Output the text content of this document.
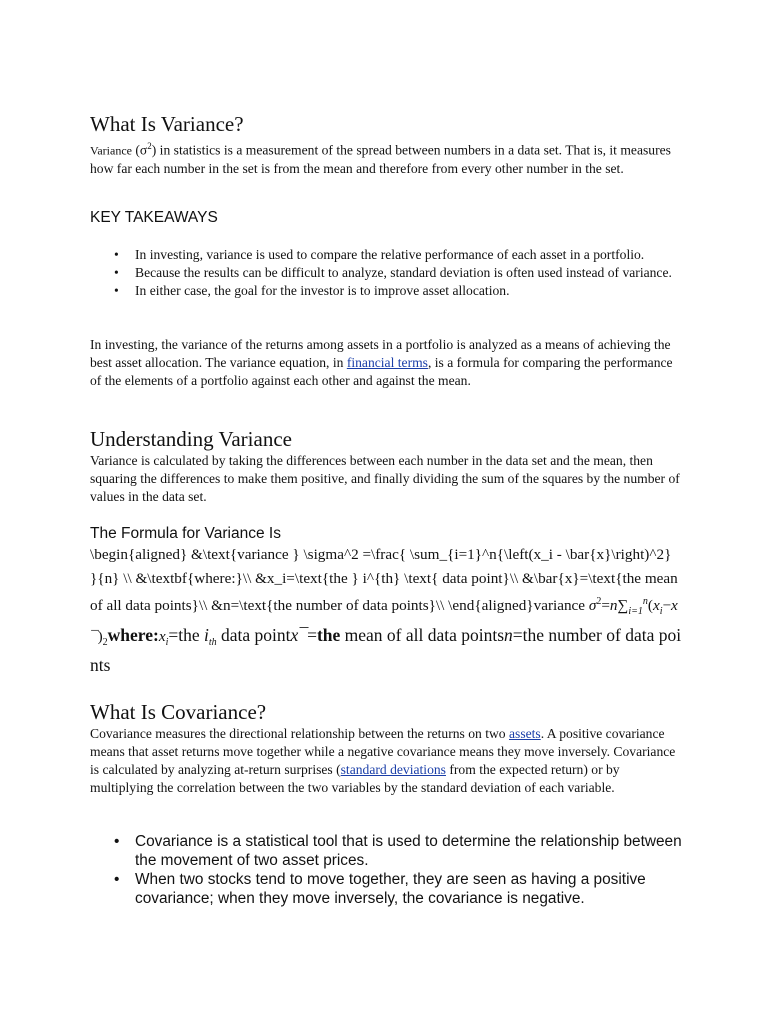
What Is Variance?

Variance $(\sigma^2)$ in statistics is a measurement of the spread between numbers in a data set. That is, it measures how far each number in the set is from the mean and therefore from every other number in the set.

KEY TAKEAWAYS
• In investing, variance is used to compare the relative performance of each asset in a portfolio.
• Because the results can be difficult to analyze, standard deviation is often used instead of variance.
• In either case, the goal for the investor is to improve asset allocation.

In investing, the variance of the returns among assets in a portfolio is analyzed as a means of achieving the best asset allocation. The variance equation, in financial terms, is a formula for comparing the performance of the elements of a portfolio against each other and against the mean.

Understanding Variance

Variance is calculated by taking the differences between each number in the data set and the mean, then squaring the differences to make them positive, and finally dividing the sum of the squares by the number of values in the data set.

The Formula for Variance Is
\begin{aligned} &\text{variance } \sigma^2 =\frac{ \sum_{i=1}^n{\left(x_i - \bar{x}\right)^2} }{n} \\ &\textbf{where:}\\ &x_i=\text{the } i^{th} \text{ data point}\\ &\bar{x}=\text{the mean of all data points}\\ &n=\text{the number of data points}\\ \end{aligned}variance $\sigma^2=n\sum_{i=1}^n(x_i-x¯)_2where:x_i=the$ $i_{th}$ data pointx¯=the mean of all data pointsn=the number of data points
What Is Covariance?

Covariance measures the directional relationship between the returns on two assets. A positive covariance means that asset returns move together while a negative covariance means they move inversely. Covariance is calculated by analyzing at-return surprises (standard deviations from the expected return) or by multiplying the correlation between the two variables by the standard deviation of each variable.

• Covariance is a statistical tool that is used to determine the relationship between the movement of two asset prices.
• When two stocks tend to move together, they are seen as having a positive covariance; when they move inversely, the covariance is negative.
